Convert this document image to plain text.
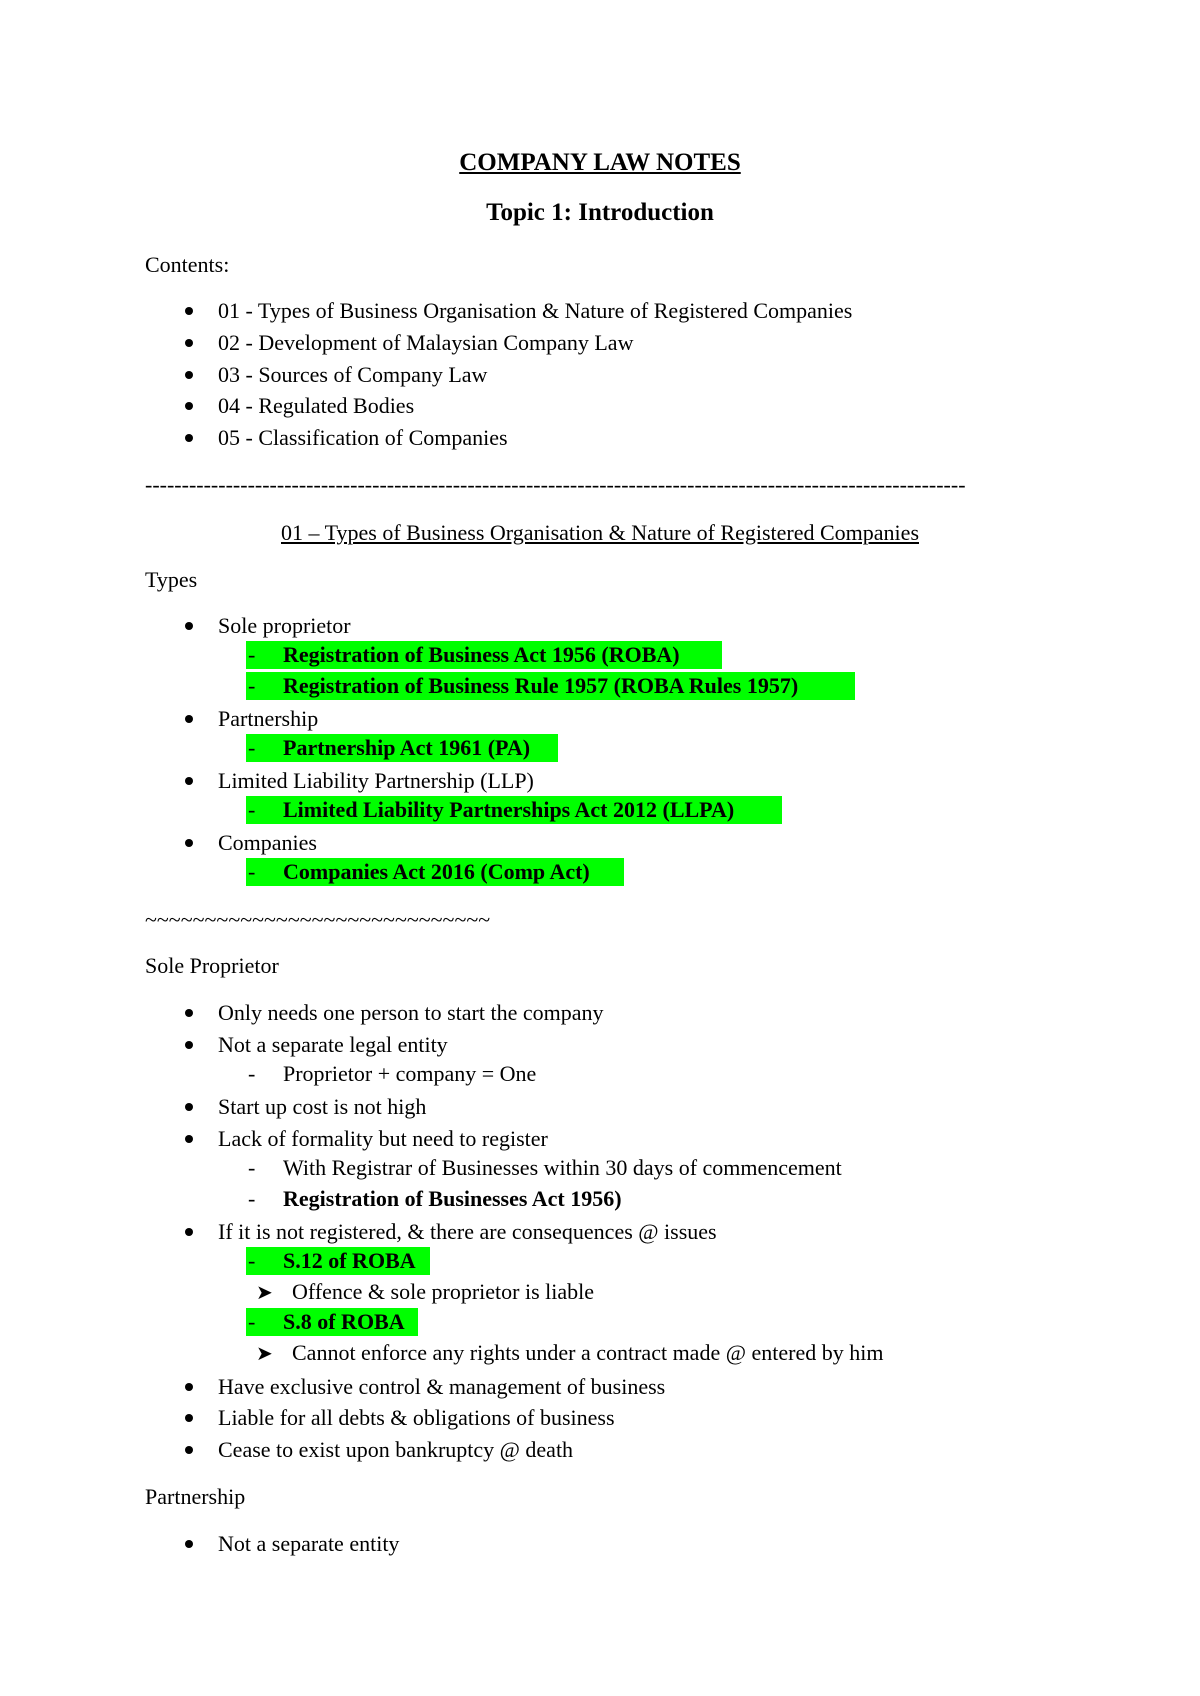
COMPANY LAW NOTES
Topic 1: Introduction
Contents:
01 - Types of Business Organisation & Nature of Registered Companies
02 - Development of Malaysian Company Law
03 - Sources of Company Law
04 - Regulated Bodies
05 - Classification of Companies
----------------------------------------------------------------------------------------------------------------
01 – Types of Business Organisation & Nature of Registered Companies
Types
Sole proprietor
- Registration of Business Act 1956 (ROBA)
- Registration of Business Rule 1957 (ROBA Rules 1957)
Partnership
- Partnership Act 1961 (PA)
Limited Liability Partnership (LLP)
- Limited Liability Partnerships Act 2012 (LLPA)
Companies
- Companies Act 2016 (Comp Act)
~~~~~~~~~~~~~~~~~~~~~~~~~~~~~
Sole Proprietor
Only needs one person to start the company
Not a separate legal entity
- Proprietor + company = One
Start up cost is not high
Lack of formality but need to register
- With Registrar of Businesses within 30 days of commencement
- Registration of Businesses Act 1956)
If it is not registered, & there are consequences @ issues
- S.12 of ROBA
➤ Offence & sole proprietor is liable
- S.8 of ROBA
➤ Cannot enforce any rights under a contract made @ entered by him
Have exclusive control & management of business
Liable for all debts & obligations of business
Cease to exist upon bankruptcy @ death
Partnership
Not a separate entity
